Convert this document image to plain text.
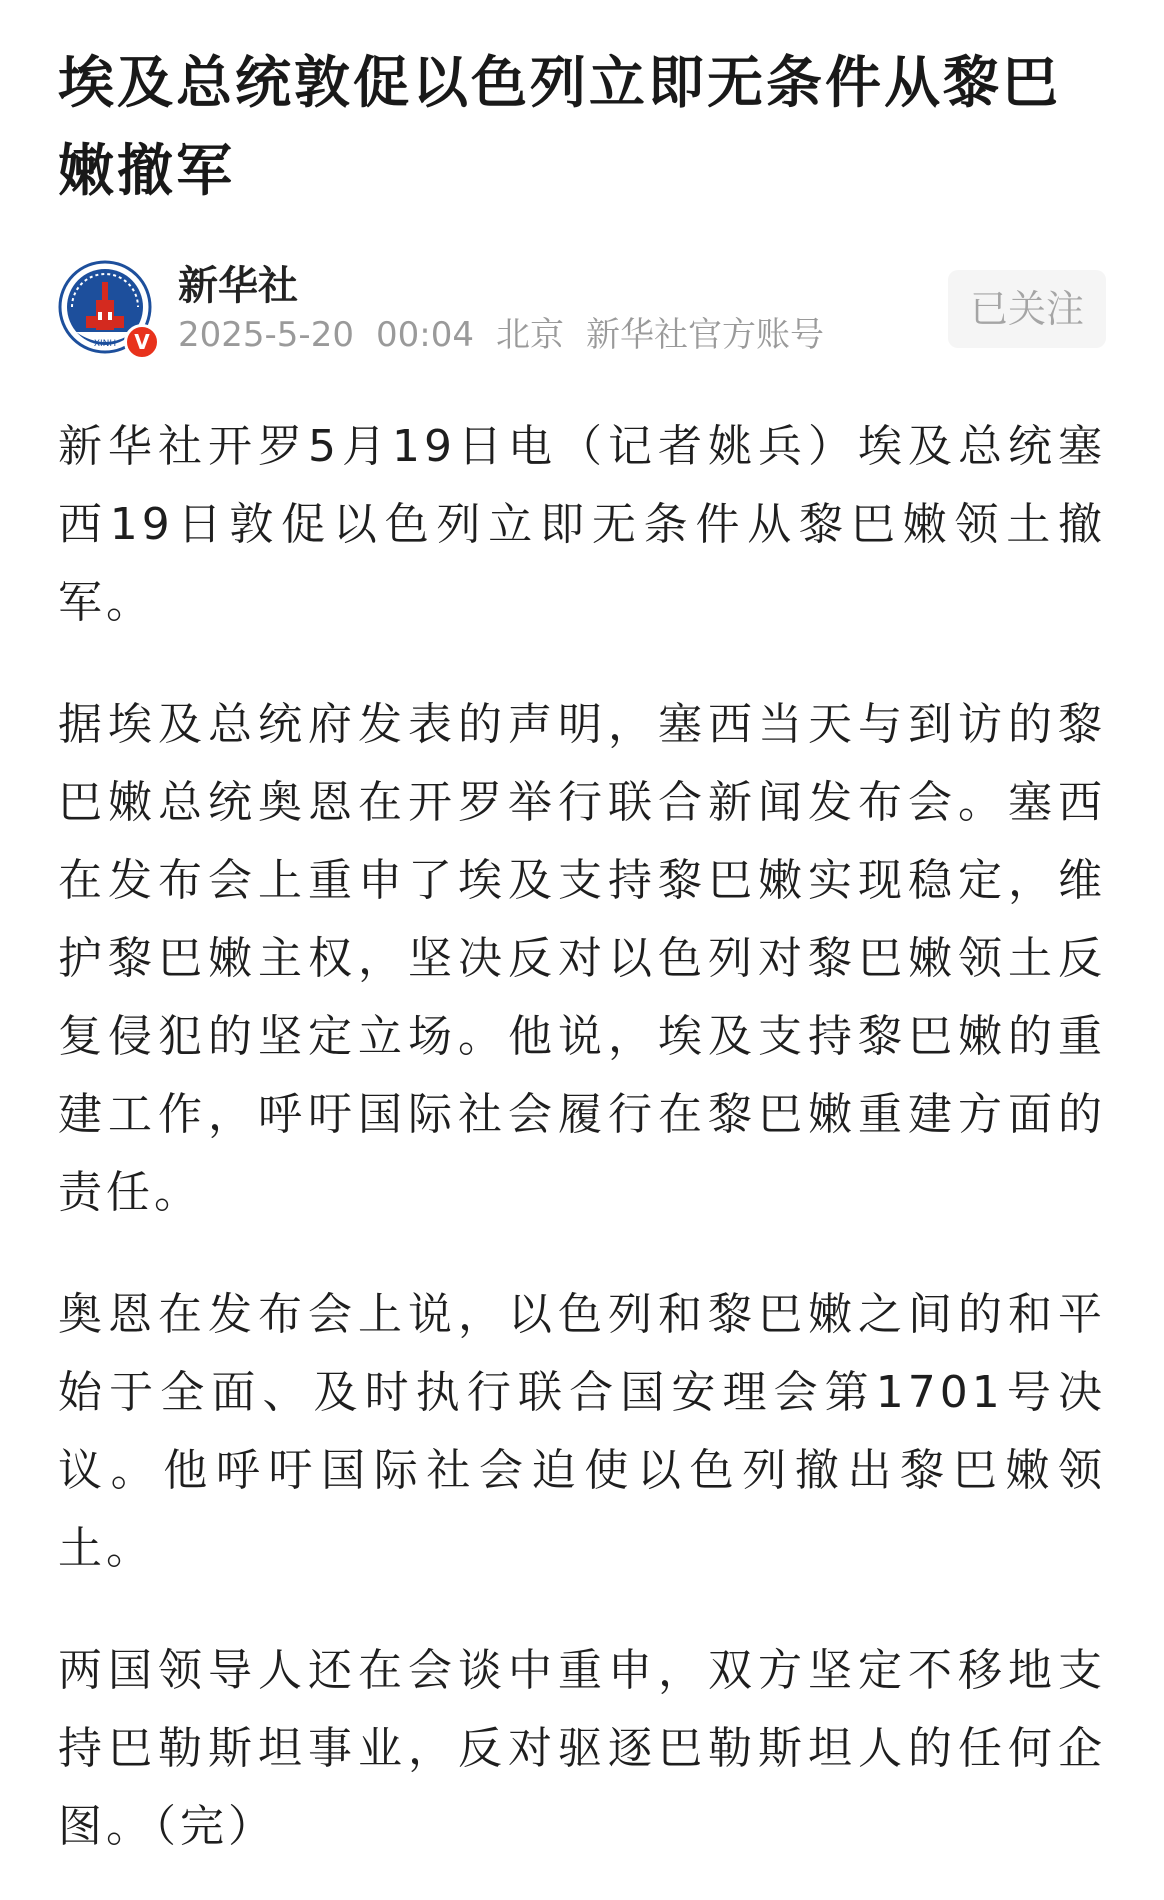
埃及总统敦促以色列立即无条件从黎巴嫩撤军
XINH V
新华社
2025-5-20 00:04 北京 新华社官方账号
已关注

新华社开罗5月19日电（记者姚兵）埃及总统塞西19日敦促以色列立即无条件从黎巴嫩领土撤军。

据埃及总统府发表的声明，塞西当天与到访的黎巴嫩总统奥恩在开罗举行联合新闻发布会。塞西在发布会上重申了埃及支持黎巴嫩实现稳定，维护黎巴嫩主权，坚决反对以色列对黎巴嫩领土反复侵犯的坚定立场。他说，埃及支持黎巴嫩的重建工作，呼吁国际社会履行在黎巴嫩重建方面的责任。

奥恩在发布会上说，以色列和黎巴嫩之间的和平始于全面、及时执行联合国安理会第1701号决议。他呼吁国际社会迫使以色列撤出黎巴嫩领土。

两国领导人还在会谈中重申，双方坚定不移地支持巴勒斯坦事业，反对驱逐巴勒斯坦人的任何企图。（完）
